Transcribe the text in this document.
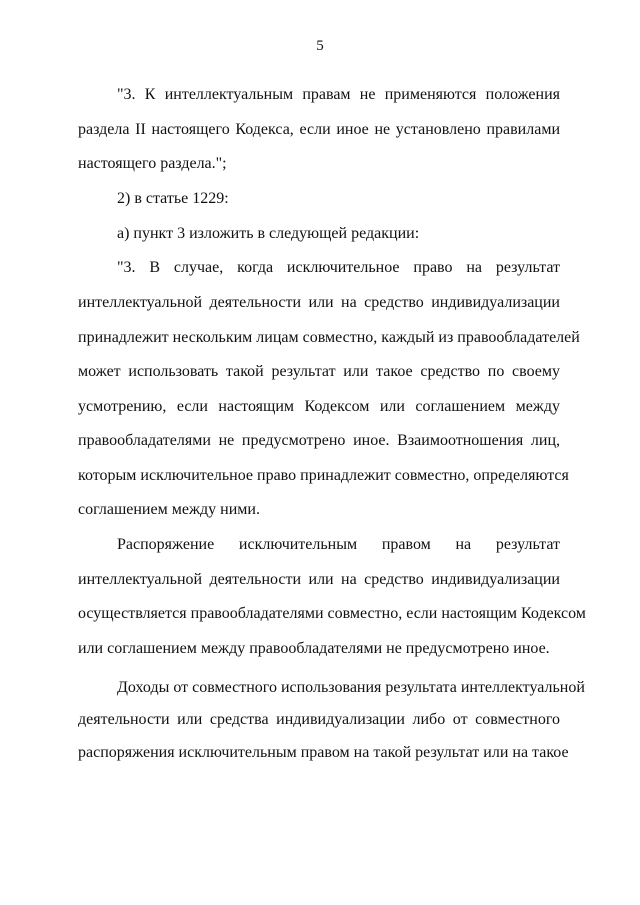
5
"3. К интеллектуальным правам не применяются положения
раздела II настоящего Кодекса, если иное не установлено правилами
настоящего раздела.";
2) в статье 1229:
а) пункт 3 изложить в следующей редакции:
"3. В случае, когда исключительное право на результат
интеллектуальной деятельности или на средство индивидуализации
принадлежит нескольким лицам совместно, каждый из правообладателей
может использовать такой результат или такое средство по своему
усмотрению, если настоящим Кодексом или соглашением между
правообладателями не предусмотрено иное. Взаимоотношения лиц,
которым исключительное право принадлежит совместно, определяются
соглашением между ними.
Распоряжение исключительным правом на результат
интеллектуальной деятельности или на средство индивидуализации
осуществляется правообладателями совместно, если настоящим Кодексом
или соглашением между правообладателями не предусмотрено иное.
Доходы от совместного использования результата интеллектуальной
деятельности или средства индивидуализации либо от совместного
распоряжения исключительным правом на такой результат или на такое
